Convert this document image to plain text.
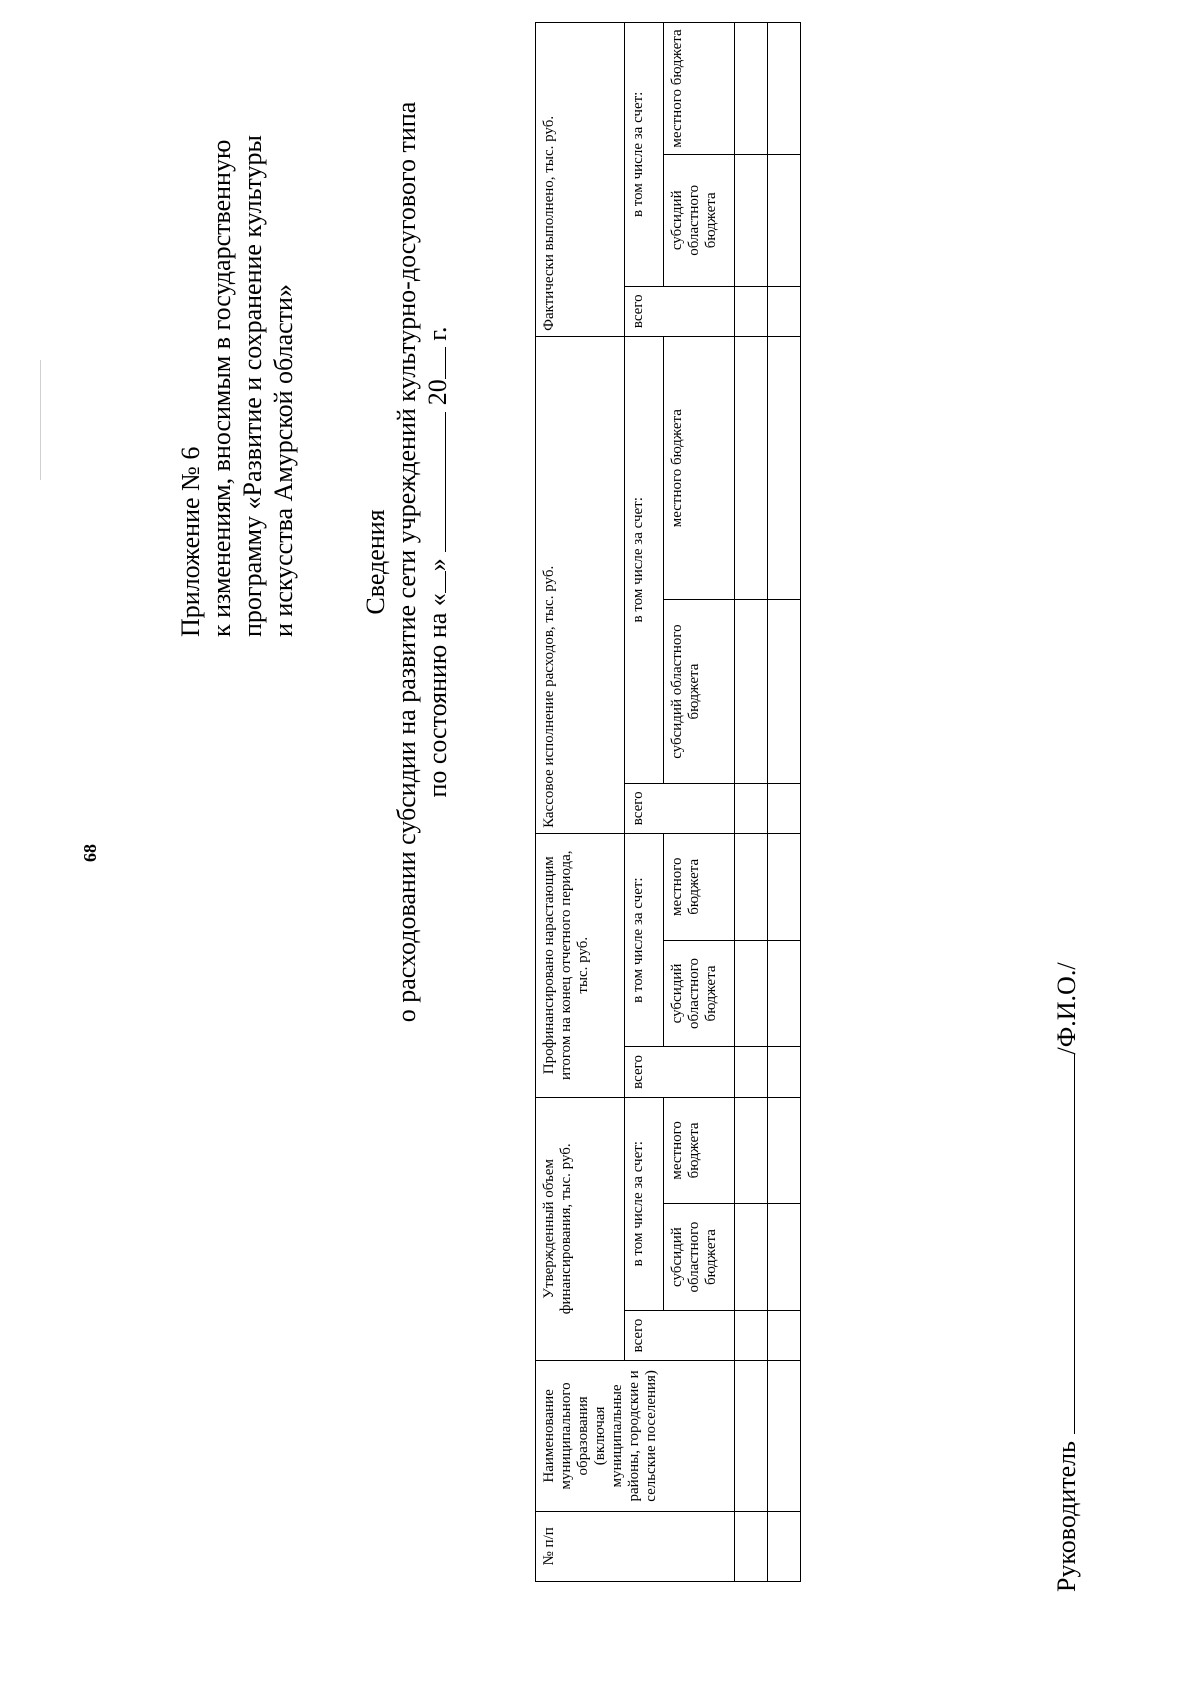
68
Приложение № 6 к изменениям, вносимым в государственную программу «Развитие и сохранение культуры и искусства Амурской области» Сведения о расходовании субсидии на развитие сети учреждений культурно-досугового типа по состоянию на «»  20 г.
№ п/п	Наименование муниципального образования (включая муниципальные районы, городские и сельские поселения)	Утвержденный объем финансирования, тыс. руб.			Профинансировано нарастающим итогом на конец отчетного периода, тыс. руб.			Кассовое исполнение расходов, тыс. руб.			Фактически выполнено, тыс. руб.		
		всего	в том числе за счет:		всего	в том числе за счет:		всего	в том числе за счет:		всего	в том числе за счет:	
			субсидий областного бюджета	местного бюджета		субсидий областного бюджета	местного бюджета		субсидий областного бюджета	местного бюджета		субсидий областного бюджета	местного бюджета

Руководитель /Ф.И.О./
